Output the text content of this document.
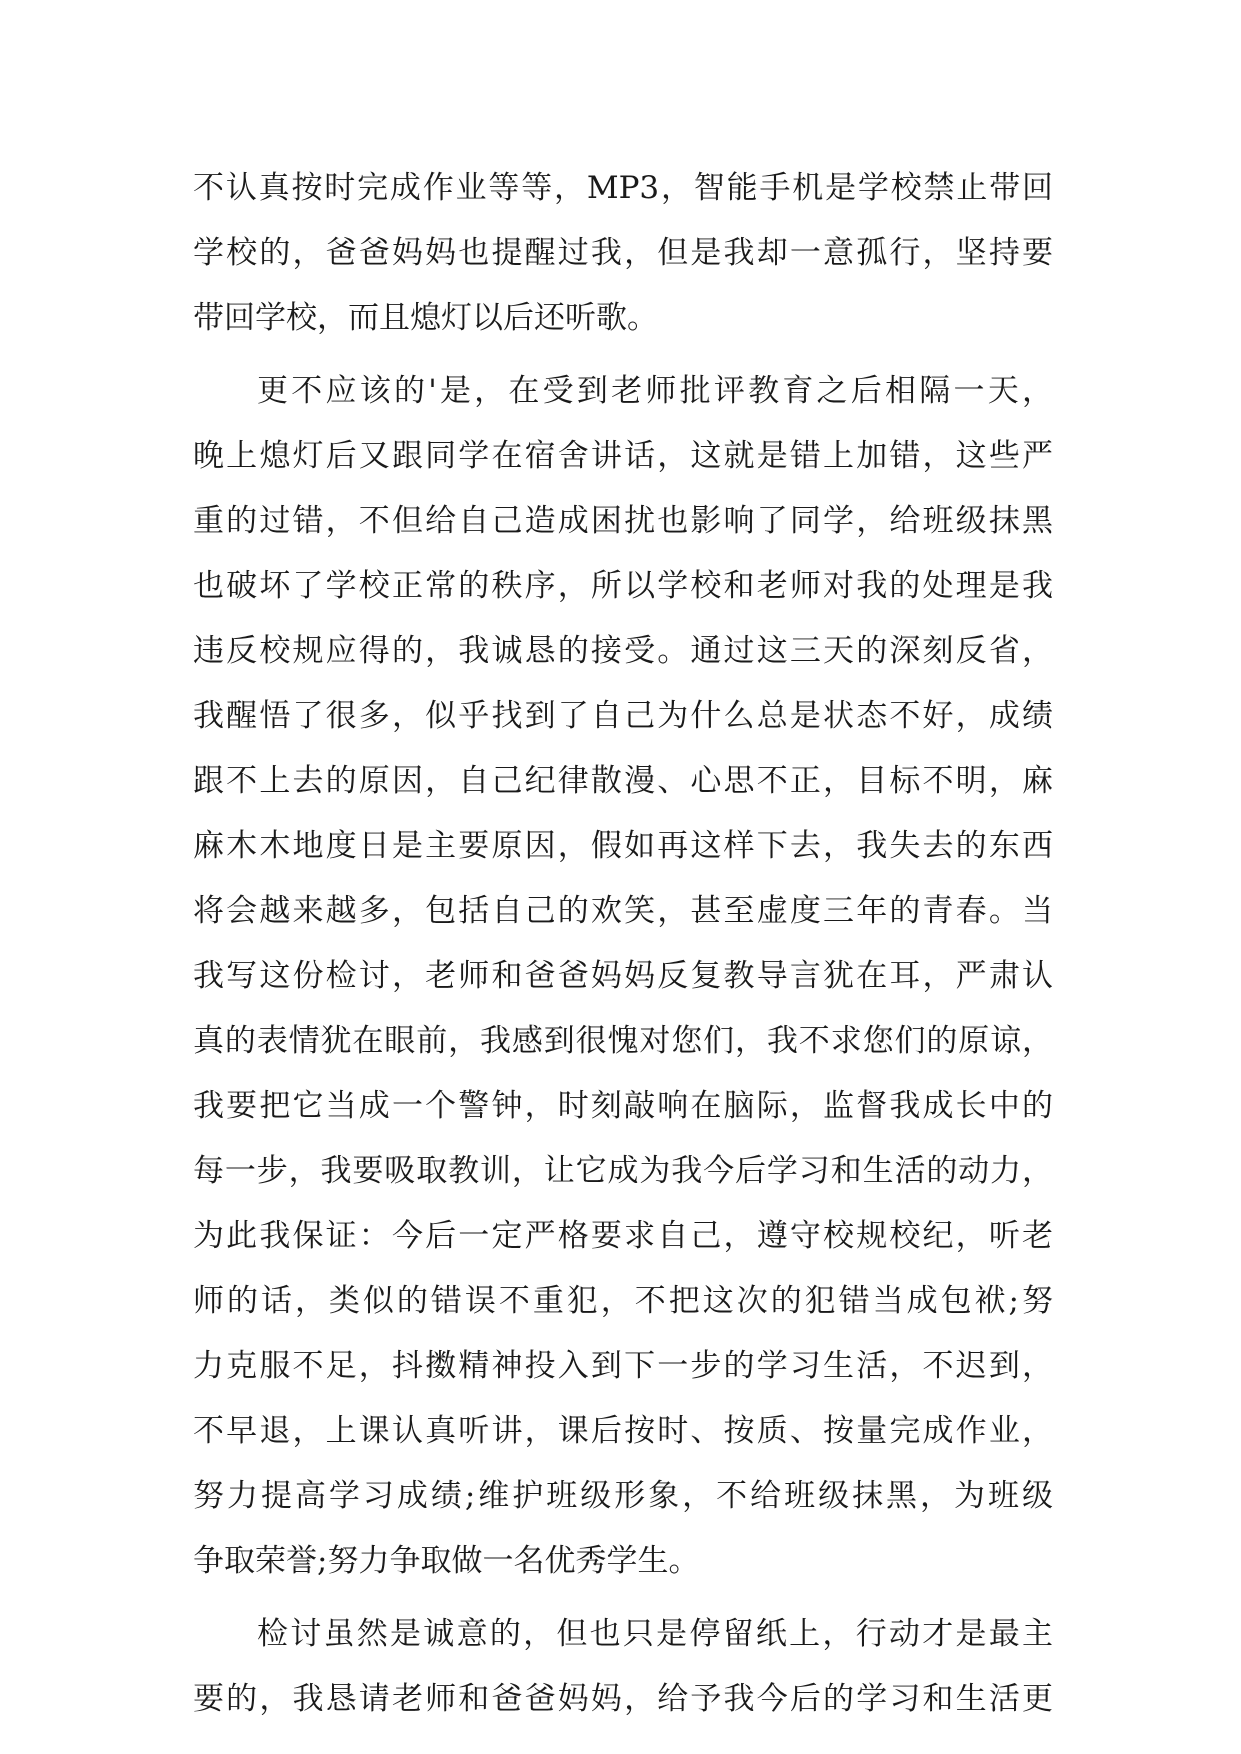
不认真按时完成作业等等，MP3，智能手机是学校禁止带回
学校的，爸爸妈妈也提醒过我，但是我却一意孤行，坚持要
带回学校，而且熄灯以后还听歌。
更不应该的'是，在受到老师批评教育之后相隔一天，
晚上熄灯后又跟同学在宿舍讲话，这就是错上加错，这些严
重的过错，不但给自己造成困扰也影响了同学，给班级抹黑
也破坏了学校正常的秩序，所以学校和老师对我的处理是我
违反校规应得的，我诚恳的接受。通过这三天的深刻反省，
我醒悟了很多，似乎找到了自己为什么总是状态不好，成绩
跟不上去的原因，自己纪律散漫、心思不正，目标不明，麻
麻木木地度日是主要原因，假如再这样下去，我失去的东西
将会越来越多，包括自己的欢笑，甚至虚度三年的青春。当
我写这份检讨，老师和爸爸妈妈反复教导言犹在耳，严肃认
真的表情犹在眼前，我感到很愧对您们，我不求您们的原谅，
我要把它当成一个警钟，时刻敲响在脑际，监督我成长中的
每一步，我要吸取教训，让它成为我今后学习和生活的动力，
为此我保证：今后一定严格要求自己，遵守校规校纪，听老
师的话，类似的错误不重犯，不把这次的犯错当成包袱;努
力克服不足，抖擞精神投入到下一步的学习生活，不迟到，
不早退，上课认真听讲，课后按时、按质、按量完成作业，
努力提高学习成绩;维护班级形象，不给班级抹黑，为班级
争取荣誉;努力争取做一名优秀学生。
检讨虽然是诚意的，但也只是停留纸上，行动才是最主
要的，我恳请老师和爸爸妈妈，给予我今后的学习和生活更
